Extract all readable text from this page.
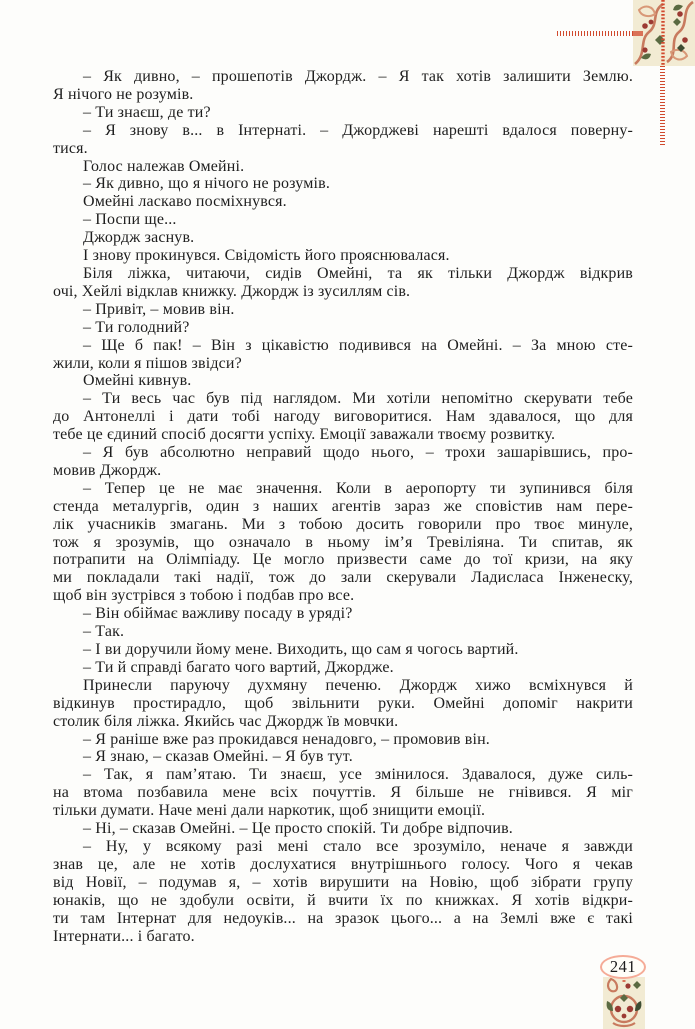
241
– Як дивно, – прошепотів Джордж. – Я так хотів залишити Землю.
Я нічого не розумів.
– Ти знаєш, де ти?
– Я знову в... в Інтернаті. – Джорджеві нарешті вдалося поверну-
тися.
Голос належав Омейні.
– Як дивно, що я нічого не розумів.
Омейні ласкаво посміхнувся.
– Поспи ще...
Джордж заснув.
І знову прокинувся. Свідомість його прояснювалася.
Біля ліжка, читаючи, сидів Омейні, та як тільки Джордж відкрив
очі, Хейлі відклав книжку. Джордж із зусиллям сів.
– Привіт, – мовив він.
– Ти голодний?
– Ще б пак! – Він з цікавістю подивився на Омейні. – За мною сте-
жили, коли я пішов звідси?
Омейні кивнув.
– Ти весь час був під наглядом. Ми хотіли непомітно скерувати тебе
до Антонеллі і дати тобі нагоду виговоритися. Нам здавалося, що для
тебе це єдиний спосіб досягти успіху. Емоції заважали твоєму розвитку.
– Я був абсолютно неправий щодо нього, – трохи зашарівшись, про-
мовив Джордж.
– Тепер це не має значення. Коли в аеропорту ти зупинився біля
стенда металургів, один з наших агентів зараз же сповістив нам пере-
лік учасників змагань. Ми з тобою досить говорили про твоє минуле,
тож я зрозумів, що означало в ньому ім’я Тревіліяна. Ти спитав, як
потрапити на Олімпіаду. Це могло призвести саме до тої кризи, на яку
ми покладали такі надії, тож до зали скерували Ладисласа Інженеску,
щоб він зустрівся з тобою і подбав про все.
– Він обіймає важливу посаду в уряді?
– Так.
– І ви доручили йому мене. Виходить, що сам я чогось вартий.
– Ти й справді багато чого вартий, Джордже.
Принесли паруючу духмяну печеню. Джордж хижо всміхнувся й
відкинув простирадло, щоб звільнити руки. Омейні допоміг накрити
столик біля ліжка. Якийсь час Джордж їв мовчки.
– Я раніше вже раз прокидався ненадовго, – промовив він.
– Я знаю, – сказав Омейні. – Я був тут.
– Так, я пам’ятаю. Ти знаєш, усе змінилося. Здавалося, дуже силь-
на втома позбавила мене всіх почуттів. Я більше не гнівився. Я міг
тільки думати. Наче мені дали наркотик, щоб знищити емоції.
– Ні, – сказав Омейні. – Це просто спокій. Ти добре відпочив.
– Ну, у всякому разі мені стало все зрозуміло, неначе я завжди
знав це, але не хотів дослухатися внутрішнього голосу. Чого я чекав
від Новії, – подумав я, – хотів вирушити на Новію, щоб зібрати групу
юнаків, що не здобули освіти, й вчити їх по книжках. Я хотів відкри-
ти там Інтернат для недоуків... на зразок цього... а на Землі вже є такі
Інтернати... і багато.
